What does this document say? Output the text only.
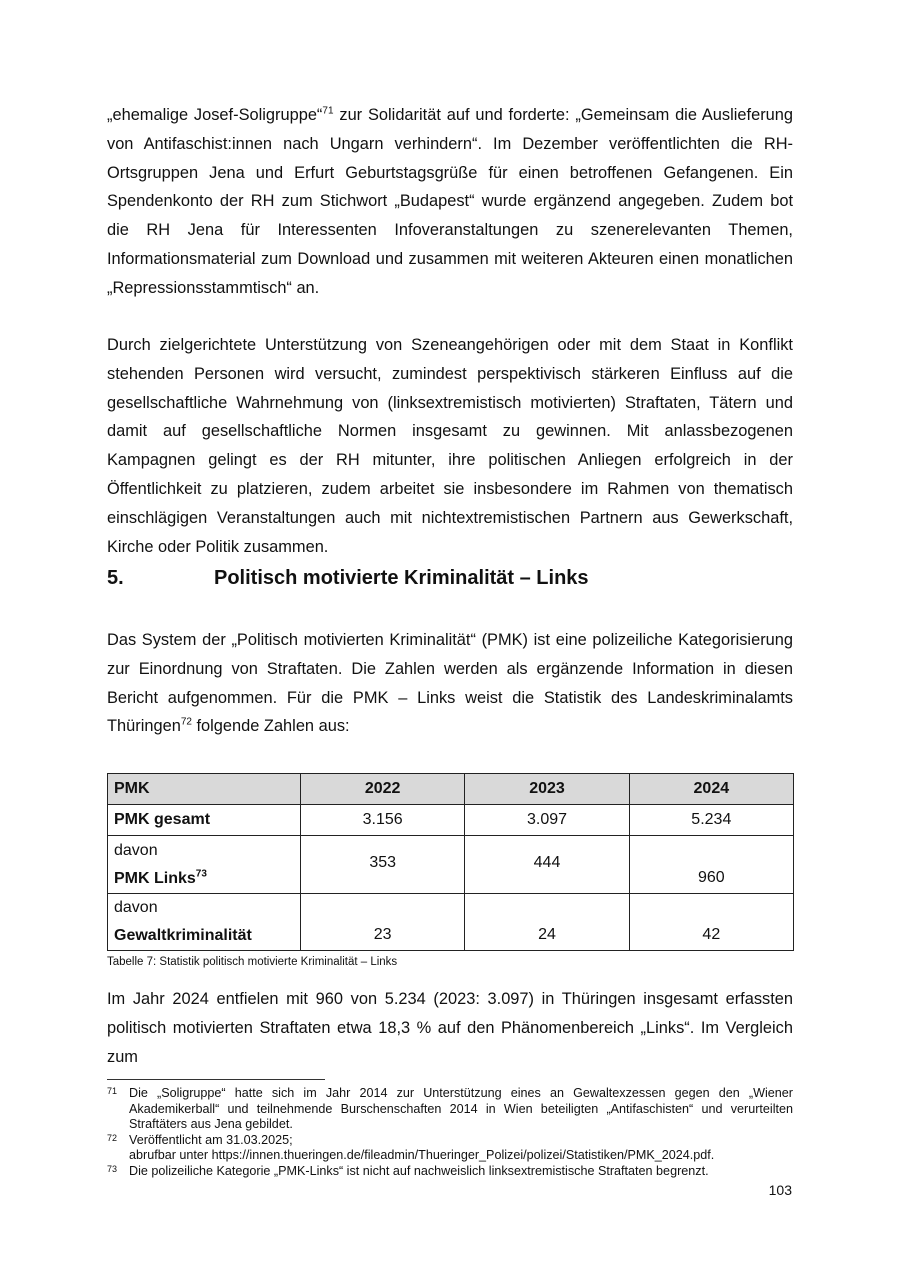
„ehemalige Josef-Soligruppe“$^{71}$ zur Solidarität auf und forderte: „Gemeinsam die Auslieferung von Antifaschist:innen nach Ungarn verhindern“. Im Dezember veröffentlichten die RH-Ortsgruppen Jena und Erfurt Geburtstagsgrüße für einen betroffenen Gefangenen. Ein Spendenkonto der RH zum Stichwort „Budapest“ wurde ergänzend angegeben. Zudem bot die RH Jena für Interessenten Infoveranstaltungen zu szenerelevanten Themen, Informationsmaterial zum Download und zusammen mit weiteren Akteuren einen monatlichen „Repressionsstammtisch“ an.

Durch zielgerichtete Unterstützung von Szeneangehörigen oder mit dem Staat in Konflikt stehenden Personen wird versucht, zumindest perspektivisch stärkeren Einfluss auf die gesellschaftliche Wahrnehmung von (linksextremistisch motivierten) Straftaten, Tätern und damit auf gesellschaftliche Normen insgesamt zu gewinnen. Mit anlassbezogenen Kampagnen gelingt es der RH mitunter, ihre politischen Anliegen erfolgreich in der Öffentlichkeit zu platzieren, zudem arbeitet sie insbesondere im Rahmen von thematisch einschlägigen Veranstaltungen auch mit nichtextremistischen Partnern aus Gewerkschaft, Kirche oder Politik zusammen.

5.	Politisch motivierte Kriminalität – Links

Das System der „Politisch motivierten Kriminalität“ (PMK) ist eine polizeiliche Kategorisierung zur Einordnung von Straftaten. Die Zahlen werden als ergänzende Information in diesen Bericht aufgenommen. Für die PMK – Links weist die Statistik des Landeskriminalamts Thüringen$^{72}$ folgende Zahlen aus:

PMK	2022	2023	2024
PMK gesamt	3.156	3.097	5.234
davon
PMK Links$^{73}$	353	444	960
davon
Gewaltkriminalität	23	24	42

Tabelle 7: Statistik politisch motivierte Kriminalität – Links

Im Jahr 2024 entfielen mit 960 von 5.234 (2023: 3.097) in Thüringen insgesamt erfassten politisch motivierten Straftaten etwa 18,3 % auf den Phänomenbereich „Links“. Im Vergleich zum

71 Die „Soligruppe“ hatte sich im Jahr 2014 zur Unterstützung eines an Gewaltexzessen gegen den „Wiener Akademikerball“ und teilnehmende Burschenschaften 2014 in Wien beteiligten „Antifaschisten“ und verurteilten Straftäters aus Jena gebildet.
72 Veröffentlicht am 31.03.2025;
abrufbar unter https://innen.thueringen.de/fileadmin/Thueringer_Polizei/polizei/Statistiken/PMK_2024.pdf.
73 Die polizeiliche Kategorie „PMK-Links“ ist nicht auf nachweislich linksextremistische Straftaten begrenzt.
103
